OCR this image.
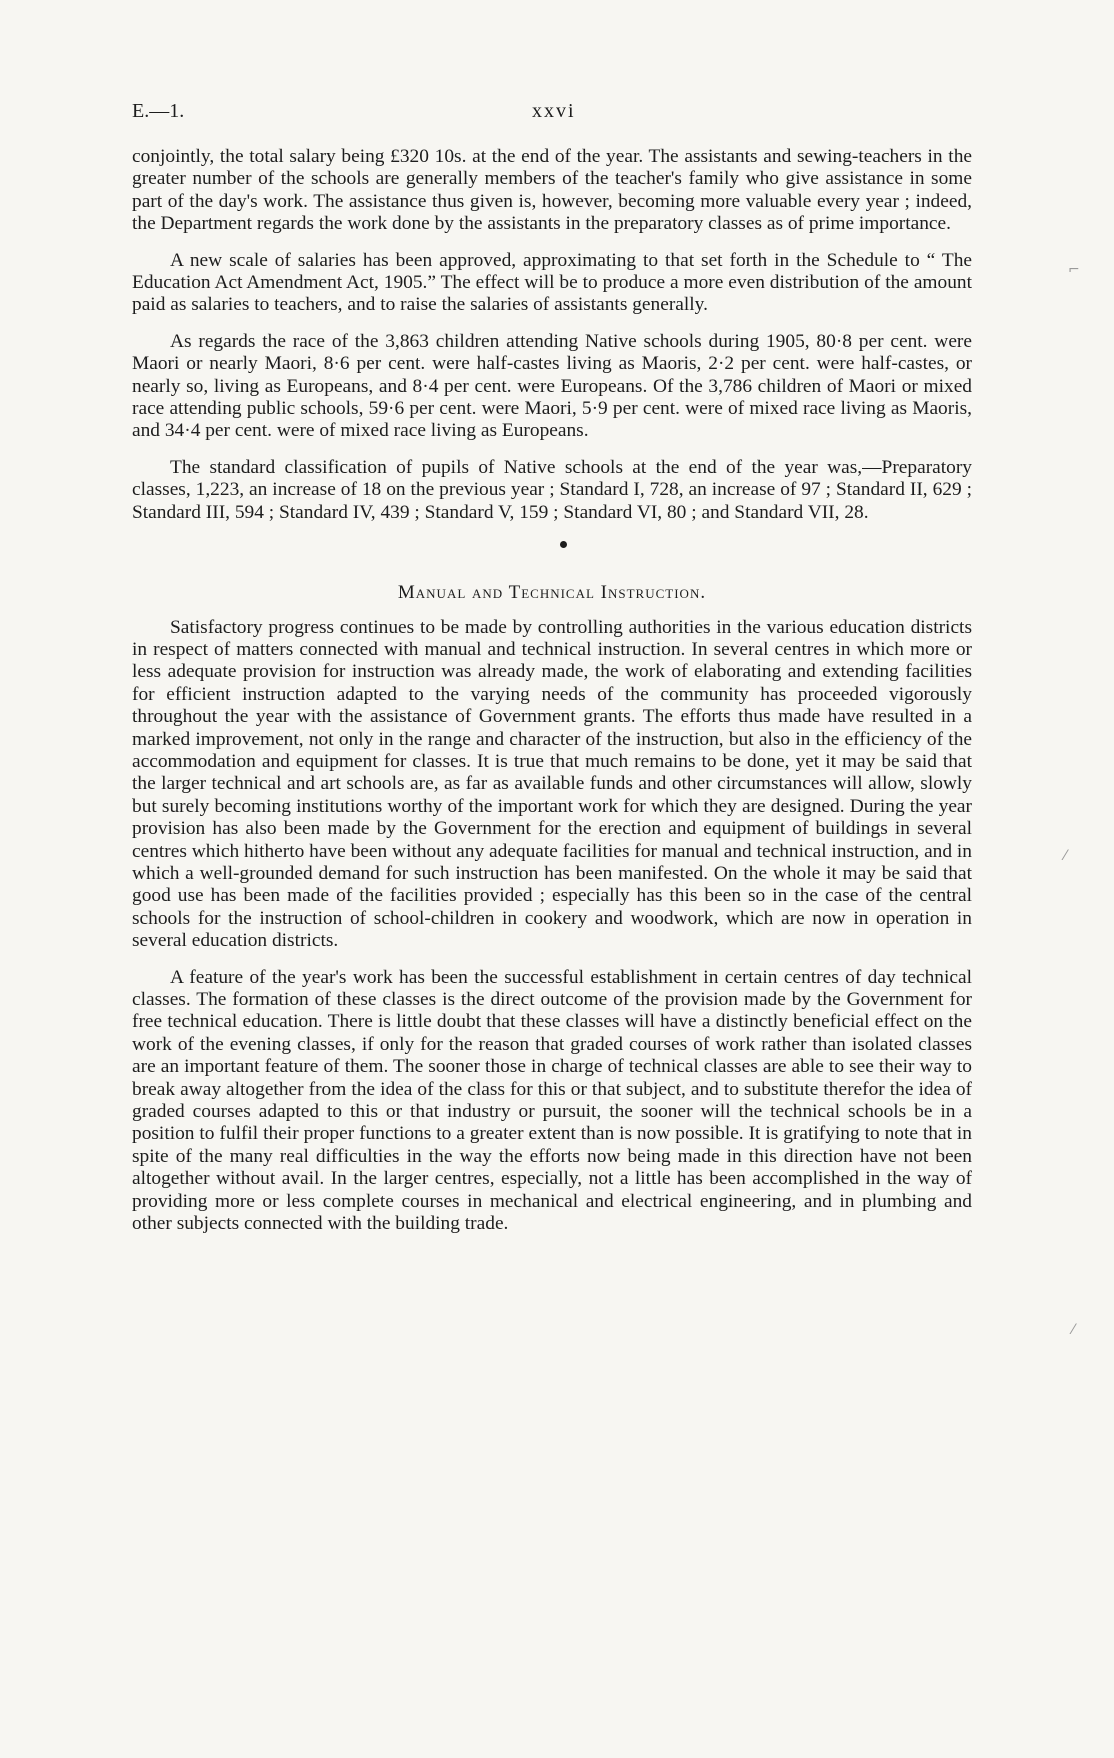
E.—1.	xxvi

conjointly, the total salary being £320 10s. at the end of the year. The assistants and sewing-teachers in the greater number of the schools are generally members of the teacher's family who give assistance in some part of the day's work. The assistance thus given is, however, becoming more valuable every year ; indeed, the Department regards the work done by the assistants in the preparatory classes as of prime importance.

A new scale of salaries has been approved, approximating to that set forth in the Schedule to “ The Education Act Amendment Act, 1905.” The effect will be to produce a more even distribution of the amount paid as salaries to teachers, and to raise the salaries of assistants generally.

As regards the race of the 3,863 children attending Native schools during 1905, 80·8 per cent. were Maori or nearly Maori, 8·6 per cent. were half-castes living as Maoris, 2·2 per cent. were half-castes, or nearly so, living as Europeans, and 8·4 per cent. were Europeans. Of the 3,786 children of Maori or mixed race attending public schools, 59·6 per cent. were Maori, 5·9 per cent. were of mixed race living as Maoris, and 34·4 per cent. were of mixed race living as Europeans.

The standard classification of pupils of Native schools at the end of the year was,—Preparatory classes, 1,223, an increase of 18 on the previous year ; Standard I, 728, an increase of 97 ; Standard II, 629 ; Standard III, 594 ; Standard IV, 439 ; Standard V, 159 ; Standard VI, 80 ; and Standard VII, 28.

Manual and Technical Instruction.

Satisfactory progress continues to be made by controlling authorities in the various education districts in respect of matters connected with manual and technical instruction. In several centres in which more or less adequate provision for instruction was already made, the work of elaborating and extending facilities for efficient instruction adapted to the varying needs of the community has proceeded vigorously throughout the year with the assistance of Government grants. The efforts thus made have resulted in a marked improvement, not only in the range and character of the instruction, but also in the efficiency of the accommodation and equipment for classes. It is true that much remains to be done, yet it may be said that the larger technical and art schools are, as far as available funds and other circumstances will allow, slowly but surely becoming institutions worthy of the important work for which they are designed. During the year provision has also been made by the Government for the erection and equipment of buildings in several centres which hitherto have been without any adequate facilities for manual and technical instruction, and in which a well-grounded demand for such instruction has been manifested. On the whole it may be said that good use has been made of the facilities provided ; especially has this been so in the case of the central schools for the instruction of school-children in cookery and woodwork, which are now in operation in several education districts.

A feature of the year's work has been the successful establishment in certain centres of day technical classes. The formation of these classes is the direct outcome of the provision made by the Government for free technical education. There is little doubt that these classes will have a distinctly beneficial effect on the work of the evening classes, if only for the reason that graded courses of work rather than isolated classes are an important feature of them. The sooner those in charge of technical classes are able to see their way to break away altogether from the idea of the class for this or that subject, and to substitute therefor the idea of graded courses adapted to this or that industry or pursuit, the sooner will the technical schools be in a position to fulfil their proper functions to a greater extent than is now possible. It is gratifying to note that in spite of the many real difficulties in the way the efforts now being made in this direction have not been altogether without avail. In the larger centres, especially, not a little has been accomplished in the way of providing more or less complete courses in mechanical and electrical engineering, and in plumbing and other subjects connected with the building trade.

⌐
⁄
⁄
